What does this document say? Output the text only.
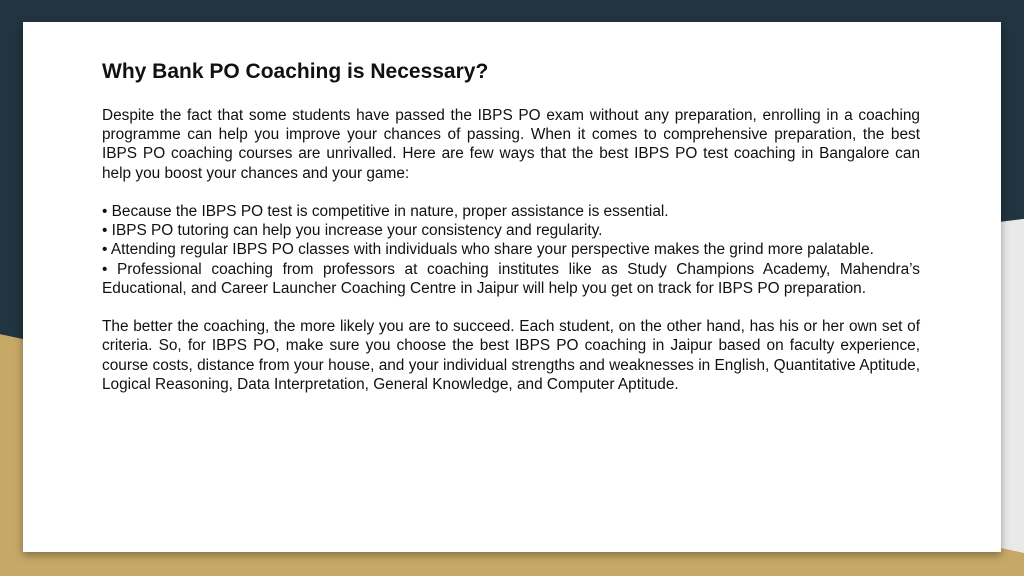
Why Bank PO Coaching is Necessary?

Despite the fact that some students have passed the IBPS PO exam without any preparation, enrolling in a coaching programme can help you improve your chances of passing. When it comes to comprehensive preparation, the best IBPS PO coaching courses are unrivalled. Here are few ways that the best IBPS PO test coaching in Bangalore can help you boost your chances and your game:

• Because the IBPS PO test is competitive in nature, proper assistance is essential.

• IBPS PO tutoring can help you increase your consistency and regularity.

• Attending regular IBPS PO classes with individuals who share your perspective makes the grind more palatable.

• Professional coaching from professors at coaching institutes like as Study Champions Academy, Mahendra’s Educational, and Career Launcher Coaching Centre in Jaipur will help you get on track for IBPS PO preparation.

The better the coaching, the more likely you are to succeed. Each student, on the other hand, has his or her own set of criteria. So, for IBPS PO, make sure you choose the best IBPS PO coaching in Jaipur based on faculty experience, course costs, distance from your house, and your individual strengths and weaknesses in English, Quantitative Aptitude, Logical Reasoning, Data Interpretation, General Knowledge, and Computer Aptitude.
